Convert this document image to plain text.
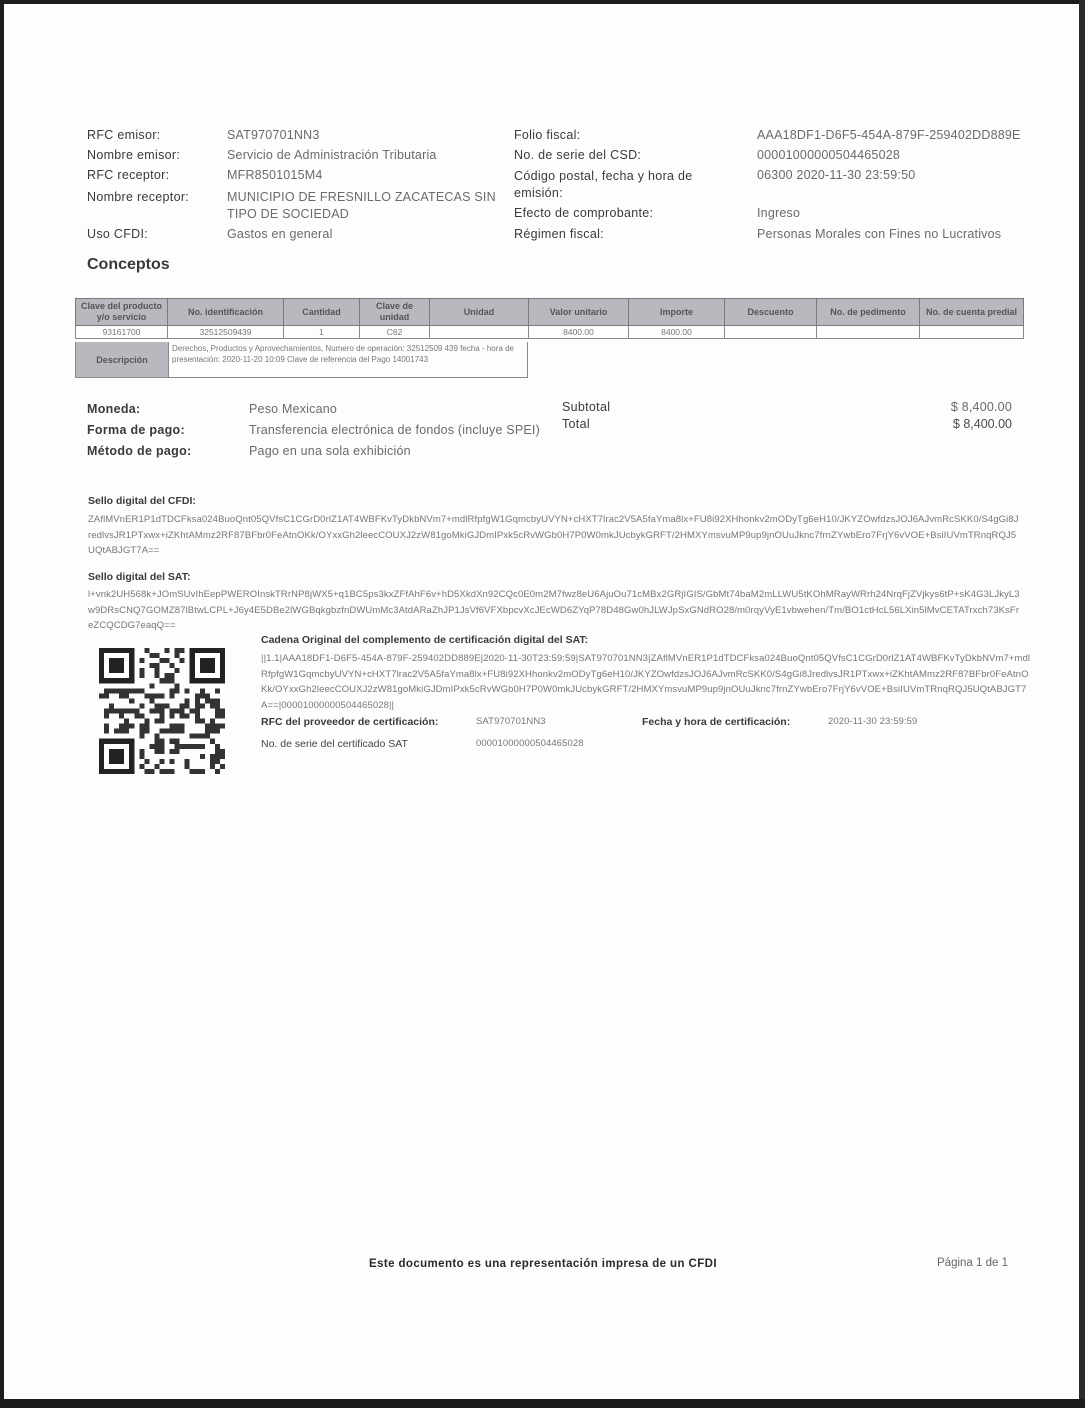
RFC emisor:	SAT970701NN3
Nombre emisor:	Servicio de Administración Tributaria
RFC receptor:	MFR8501015M4
Nombre receptor:	MUNICIPIO DE FRESNILLO ZACATECAS SIN TIPO DE SOCIEDAD
Uso CFDI:	Gastos en general
Folio fiscal:	AAA18DF1-D6F5-454A-879F-259402DD889E
No. de serie del CSD:	00001000000504465028
Código postal, fecha y hora de emisión:
06300 2020-11-30 23:59:50
Efecto de comprobante:	Ingreso
Régimen fiscal:	Personas Morales con Fines no Lucrativos
Conceptos
Clave del producto y/o servicio	No. identificación	Cantidad	Clave de unidad	Unidad	Valor unitario	Importe	Descuento	No. de pedimento	No. de cuenta predial
93161700	32512509439	1	C62		8400.00	8400.00			
Descripción
Derechos, Productos y Aprovechamientos, Numero de operación: 32512509 439 fecha - hora de presentación: 2020-11-20 10:09 Clave de referencia del Pago 14001743
Moneda:	Peso Mexicano
Forma de pago:	Transferencia electrónica de fondos (incluye SPEI)
Método de pago:	Pago en una sola exhibición
Subtotal	$ 8,400.00
Total	$ 8,400.00
Sello digital del CFDI:
ZAflMVnER1P1dTDCFksa024BuoQnt05QVfsC1CGrD0rlZ1AT4WBFKvTyDkbNVm7+mdlRfpfgW1GqmcbyUVYN+cHXT7lrac2V5A5faYma8lx+FU8i92XHhonkv2mODyTg6eH10/JKYZOwfdzsJOJ6AJvmRcSKK0/S4gGi8JredlvsJR1PTxwx+iZKhtAMmz2RF87BFbr0FeAtnOKk/OYxxGh2leecCOUXJ2zW81goMkiGJDmIPxk5cRvWGb0H7P0W0mkJUcbykGRFT/2HMXYmsvuMP9up9jnOUuJknc7frnZYwbEro7FrjY6vVOE+BsiIUVmTRnqRQJ5UQtABJGT7A==
Sello digital del SAT:
l+vnk2UH568k+JOmSUvIhEepPWEROInskTRrNP8jWX5+q1BC5ps3kxZFfAhF6v+hD5XkdXn92CQc0E0m2M7fwz8eU6AjuOu71cMBx2GRjIGIS/GbMt74baM2mLLWU5tKOhMRayWRrh24NrqFjZVjkys6tP+sK4G3LJkyL3w9DRsCNQ7GOMZ87lBtwLCPL+J6y4E5DBe2lWGBqkgbzfnDWUmMc3AtdARaZhJP1JsVf6VFXbpcvXcJEcWD6ZYqP78D48Gw0hJLWJpSxGNdRO28/m0rqyVyE1vbwehen/Tm/BO1ctHcL56LXin5lMvCETATrxch73KsFreZCQCDG7eaqQ==
Cadena Original del complemento de certificación digital del SAT:
||1.1|AAA18DF1-D6F5-454A-879F-259402DD889E|2020-11-30T23:59:59|SAT970701NN3|ZAflMVnER1P1dTDCFksa024BuoQnt05QVfsC1CGrD0rlZ1AT4WBFKvTyDkbNVm7+mdlRfpfgW1GqmcbyUVYN+cHXT7lrac2V5A5faYma8lx+FU8i92XHhonkv2mODyTg6eH10/JKYZOwfdzsJOJ6AJvmRcSKK0/S4gGi8JredlvsJR1PTxwx+iZKhtAMmz2RF87BFbr0FeAtnOKk/OYxxGh2leecCOUXJ2zW81goMkiGJDmIPxk5cRvWGb0H7P0W0mkJUcbykGRFT/2HMXYmsvuMP9up9jnOUuJknc7frnZYwbEro7FrjY6vVOE+BsiIUVmTRnqRQJ5UQtABJGT7A==|00001000000504465028||
RFC del proveedor de certificación:	SAT970701NN3	Fecha y hora de certificación:	2020-11-30 23:59:59
No. de serie del certificado SAT	00001000000504465028
Este documento es una representación impresa de un CFDI	Página 1 de 1
